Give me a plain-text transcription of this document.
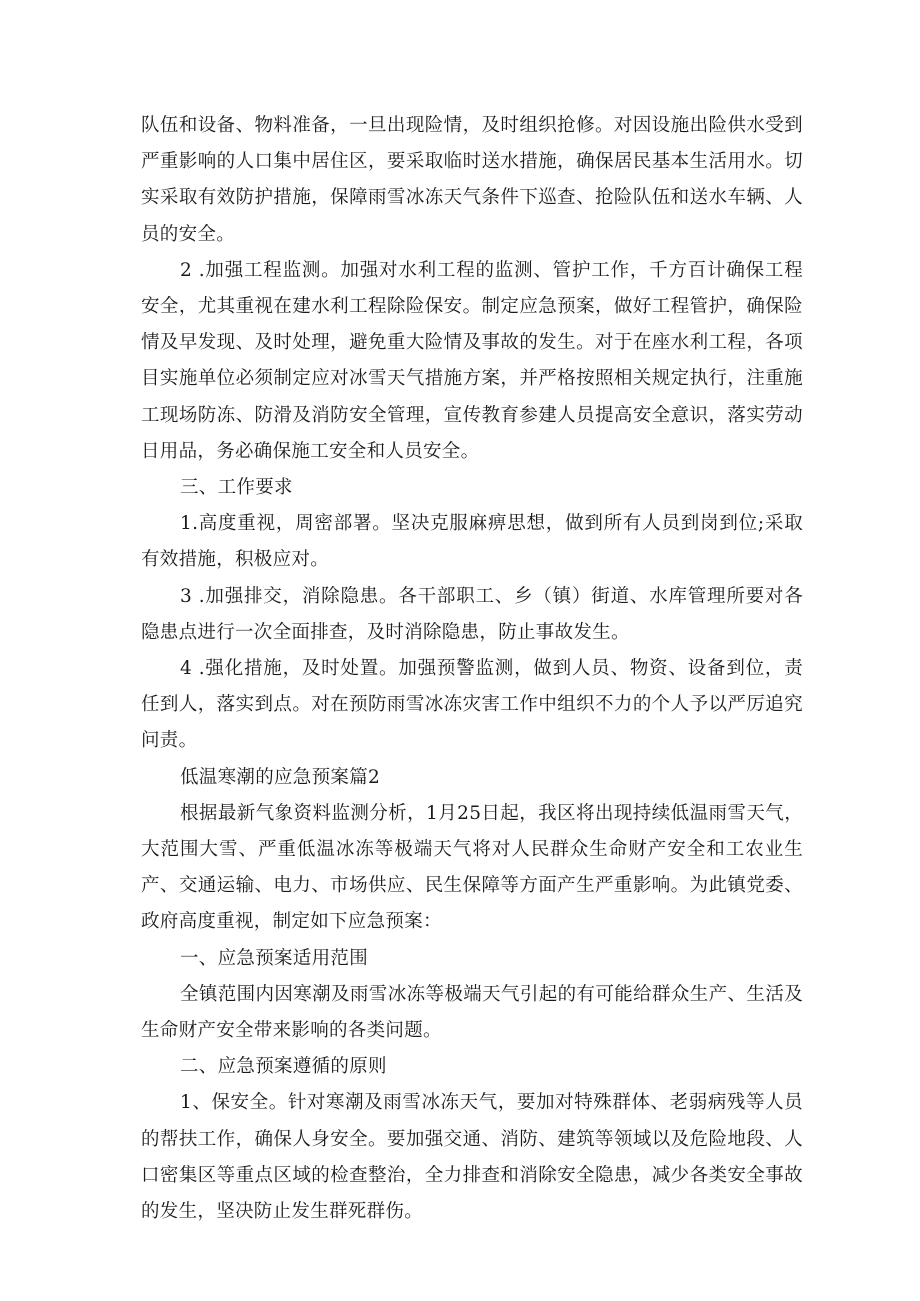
队伍和设备、物料准备，一旦出现险情，及时组织抢修。对因设施出险供水受到严重影响的人口集中居住区，要采取临时送水措施，确保居民基本生活用水。切实采取有效防护措施，保障雨雪冰冻天气条件下巡查、抢险队伍和送水车辆、人员的安全。

2 .加强工程监测。加强对水利工程的监测、管护工作，千方百计确保工程安全，尤其重视在建水利工程除险保安。制定应急预案，做好工程管护，确保险情及早发现、及时处理，避免重大险情及事故的发生。对于在座水利工程，各项目实施单位必须制定应对冰雪天气措施方案，并严格按照相关规定执行，注重施工现场防冻、防滑及消防安全管理，宣传教育参建人员提高安全意识，落实劳动日用品，务必确保施工安全和人员安全。

三、工作要求

1.高度重视，周密部署。坚决克服麻痹思想，做到所有人员到岗到位;采取有效措施，积极应对。

3 .加强排交，消除隐患。各干部职工、乡（镇）街道、水库管理所要对各隐患点进行一次全面排查，及时消除隐患，防止事故发生。

4 .强化措施，及时处置。加强预警监测，做到人员、物资、设备到位，责任到人，落实到点。对在预防雨雪冰冻灾害工作中组织不力的个人予以严厉追究问责。

低温寒潮的应急预案篇2

根据最新气象资料监测分析，1月25日起，我区将出现持续低温雨雪天气，大范围大雪、严重低温冰冻等极端天气将对人民群众生命财产安全和工农业生产、交通运输、电力、市场供应、民生保障等方面产生严重影响。为此镇党委、政府高度重视，制定如下应急预案：

一、应急预案适用范围

全镇范围内因寒潮及雨雪冰冻等极端天气引起的有可能给群众生产、生活及生命财产安全带来影响的各类问题。

二、应急预案遵循的原则

1、保安全。针对寒潮及雨雪冰冻天气，要加对特殊群体、老弱病残等人员的帮扶工作，确保人身安全。要加强交通、消防、建筑等领域以及危险地段、人口密集区等重点区域的检查整治，全力排查和消除安全隐患，减少各类安全事故的发生，坚决防止发生群死群伤。
